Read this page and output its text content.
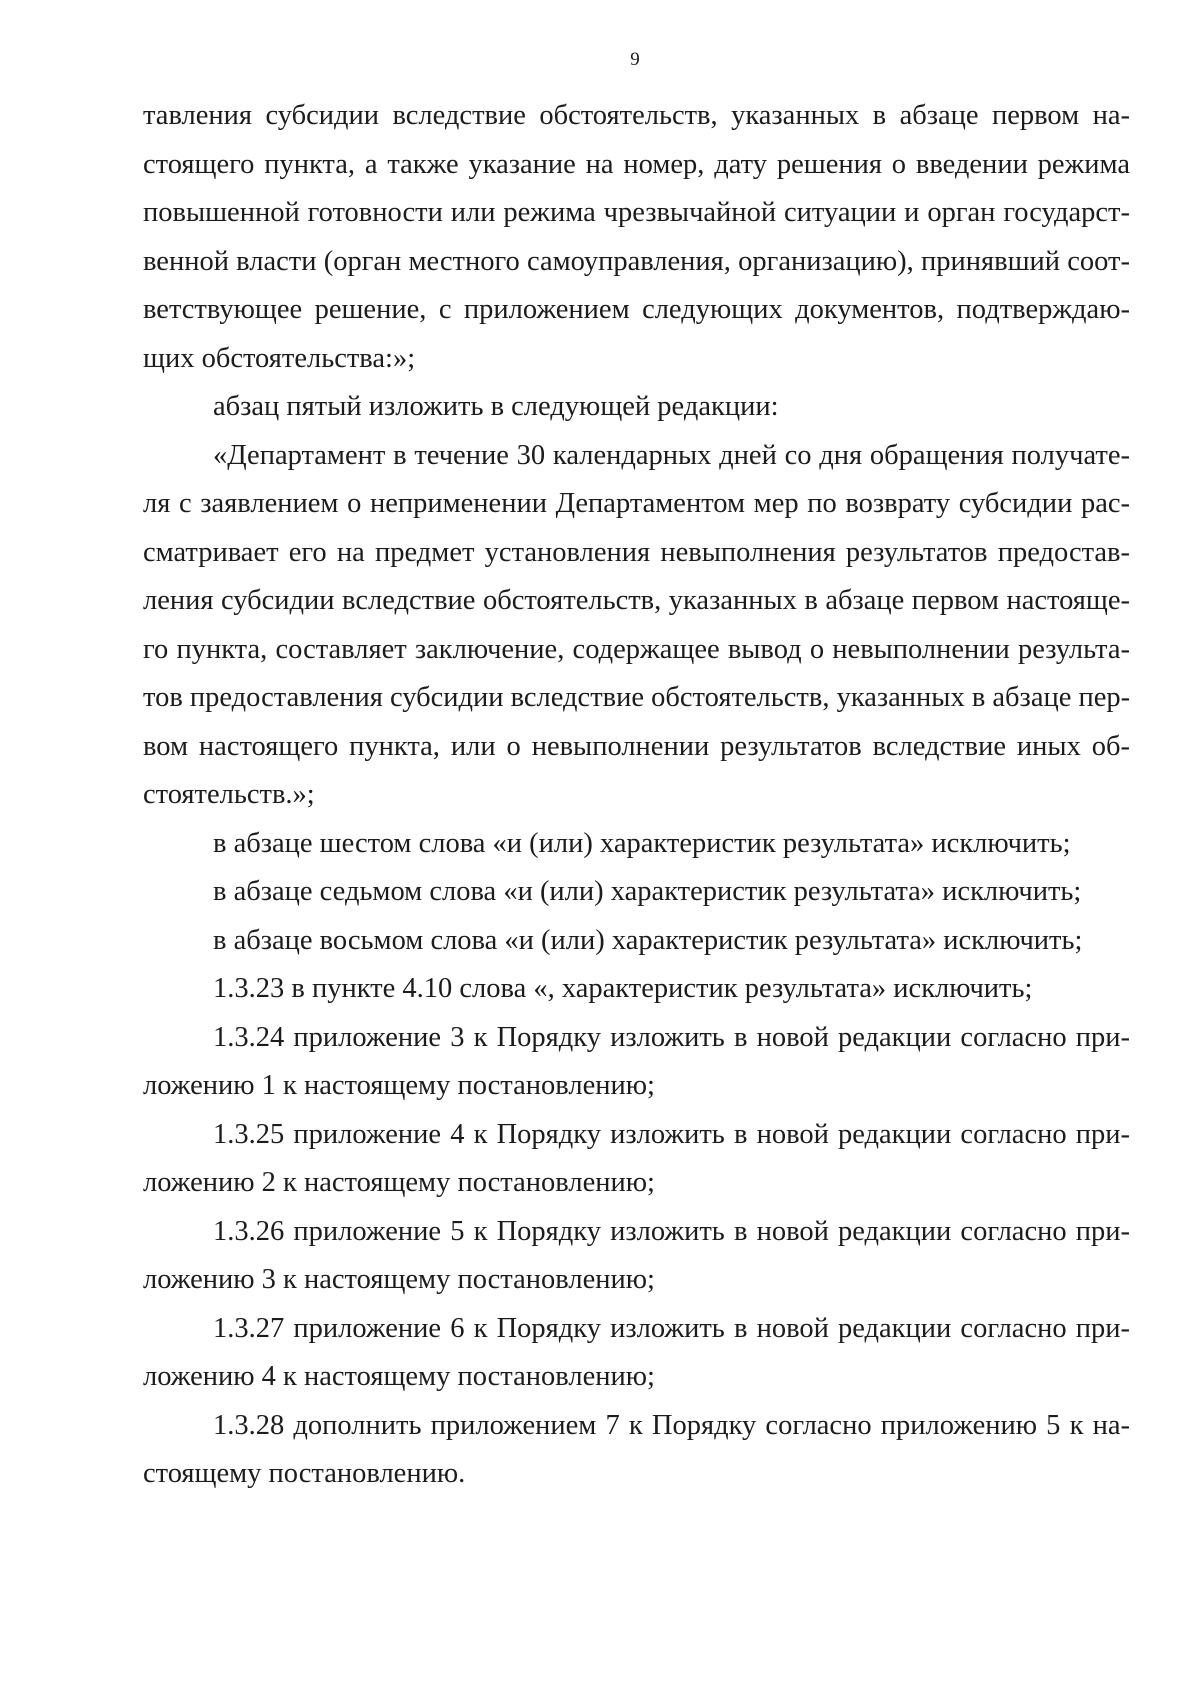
9

тавления субсидии вследствие обстоятельств, указанных в абзаце первом на-
стоящего пункта, а также указание на номер, дату решения о введении режима
повышенной готовности или режима чрезвычайной ситуации и орган государст-
венной власти (орган местного самоуправления, организацию), принявший соот-
ветствующее решение, с приложением следующих документов, подтверждаю-
щих обстоятельства:»;

абзац пятый изложить в следующей редакции:

«Департамент в течение 30 календарных дней со дня обращения получате-
ля с заявлением о неприменении Департаментом мер по возврату субсидии рас-
сматривает его на предмет установления невыполнения результатов предостав-
ления субсидии вследствие обстоятельств, указанных в абзаце первом настояще-
го пункта, составляет заключение, содержащее вывод о невыполнении результа-
тов предоставления субсидии вследствие обстоятельств, указанных в абзаце пер-
вом настоящего пункта, или о невыполнении результатов вследствие иных об-
стоятельств.»;

в абзаце шестом слова «и (или) характеристик результата» исключить;

в абзаце седьмом слова «и (или) характеристик результата» исключить;

в абзаце восьмом слова «и (или) характеристик результата» исключить;

1.3.23 в пункте 4.10 слова «, характеристик результата» исключить;

1.3.24 приложение 3 к Порядку изложить в новой редакции согласно при-
ложению 1 к настоящему постановлению;

1.3.25 приложение 4 к Порядку изложить в новой редакции согласно при-
ложению 2 к настоящему постановлению;

1.3.26 приложение 5 к Порядку изложить в новой редакции согласно при-
ложению 3 к настоящему постановлению;

1.3.27 приложение 6 к Порядку изложить в новой редакции согласно при-
ложению 4 к настоящему постановлению;

1.3.28 дополнить приложением 7 к Порядку согласно приложению 5 к на-
стоящему постановлению.
